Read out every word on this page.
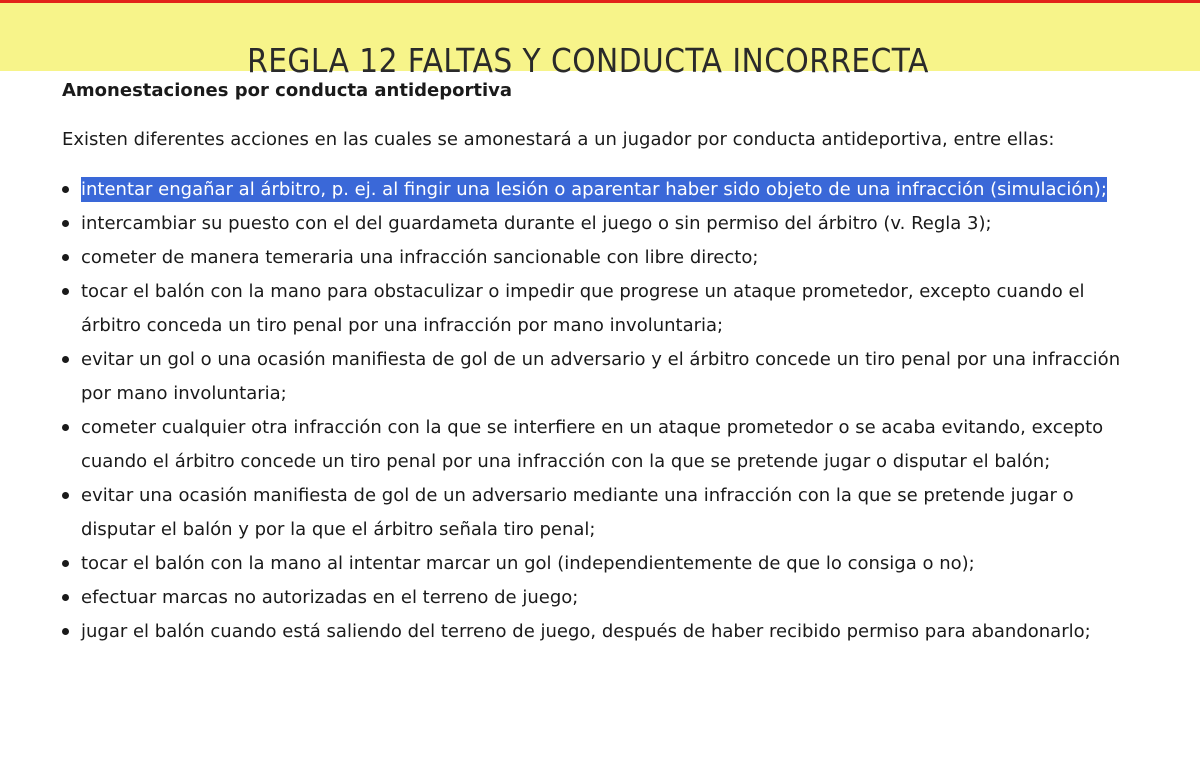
REGLA 12 FALTAS Y CONDUCTA INCORRECTA
Amonestaciones por conducta antideportiva

Existen diferentes acciones en las cuales se amonestará a un jugador por conducta antideportiva, entre ellas:

intentar engañar al árbitro, p. ej. al fingir una lesión o aparentar haber sido objeto de una infracción (simulación);
intercambiar su puesto con el del guardameta durante el juego o sin permiso del árbitro (v. Regla 3);
cometer de manera temeraria una infracción sancionable con libre directo;
tocar el balón con la mano para obstaculizar o impedir que progrese un ataque prometedor, excepto cuando el árbitro conceda un tiro penal por una infracción por mano involuntaria;
evitar un gol o una ocasión manifiesta de gol de un adversario y el árbitro concede un tiro penal por una infracción por mano involuntaria;
cometer cualquier otra infracción con la que se interfiere en un ataque prometedor o se acaba evitando, excepto cuando el árbitro concede un tiro penal por una infracción con la que se pretende jugar o disputar el balón;
evitar una ocasión manifiesta de gol de un adversario mediante una infracción con la que se pretende jugar o disputar el balón y por la que el árbitro señala tiro penal;
tocar el balón con la mano al intentar marcar un gol (independientemente de que lo consiga o no);
efectuar marcas no autorizadas en el terreno de juego;
jugar el balón cuando está saliendo del terreno de juego, después de haber recibido permiso para abandonarlo;
